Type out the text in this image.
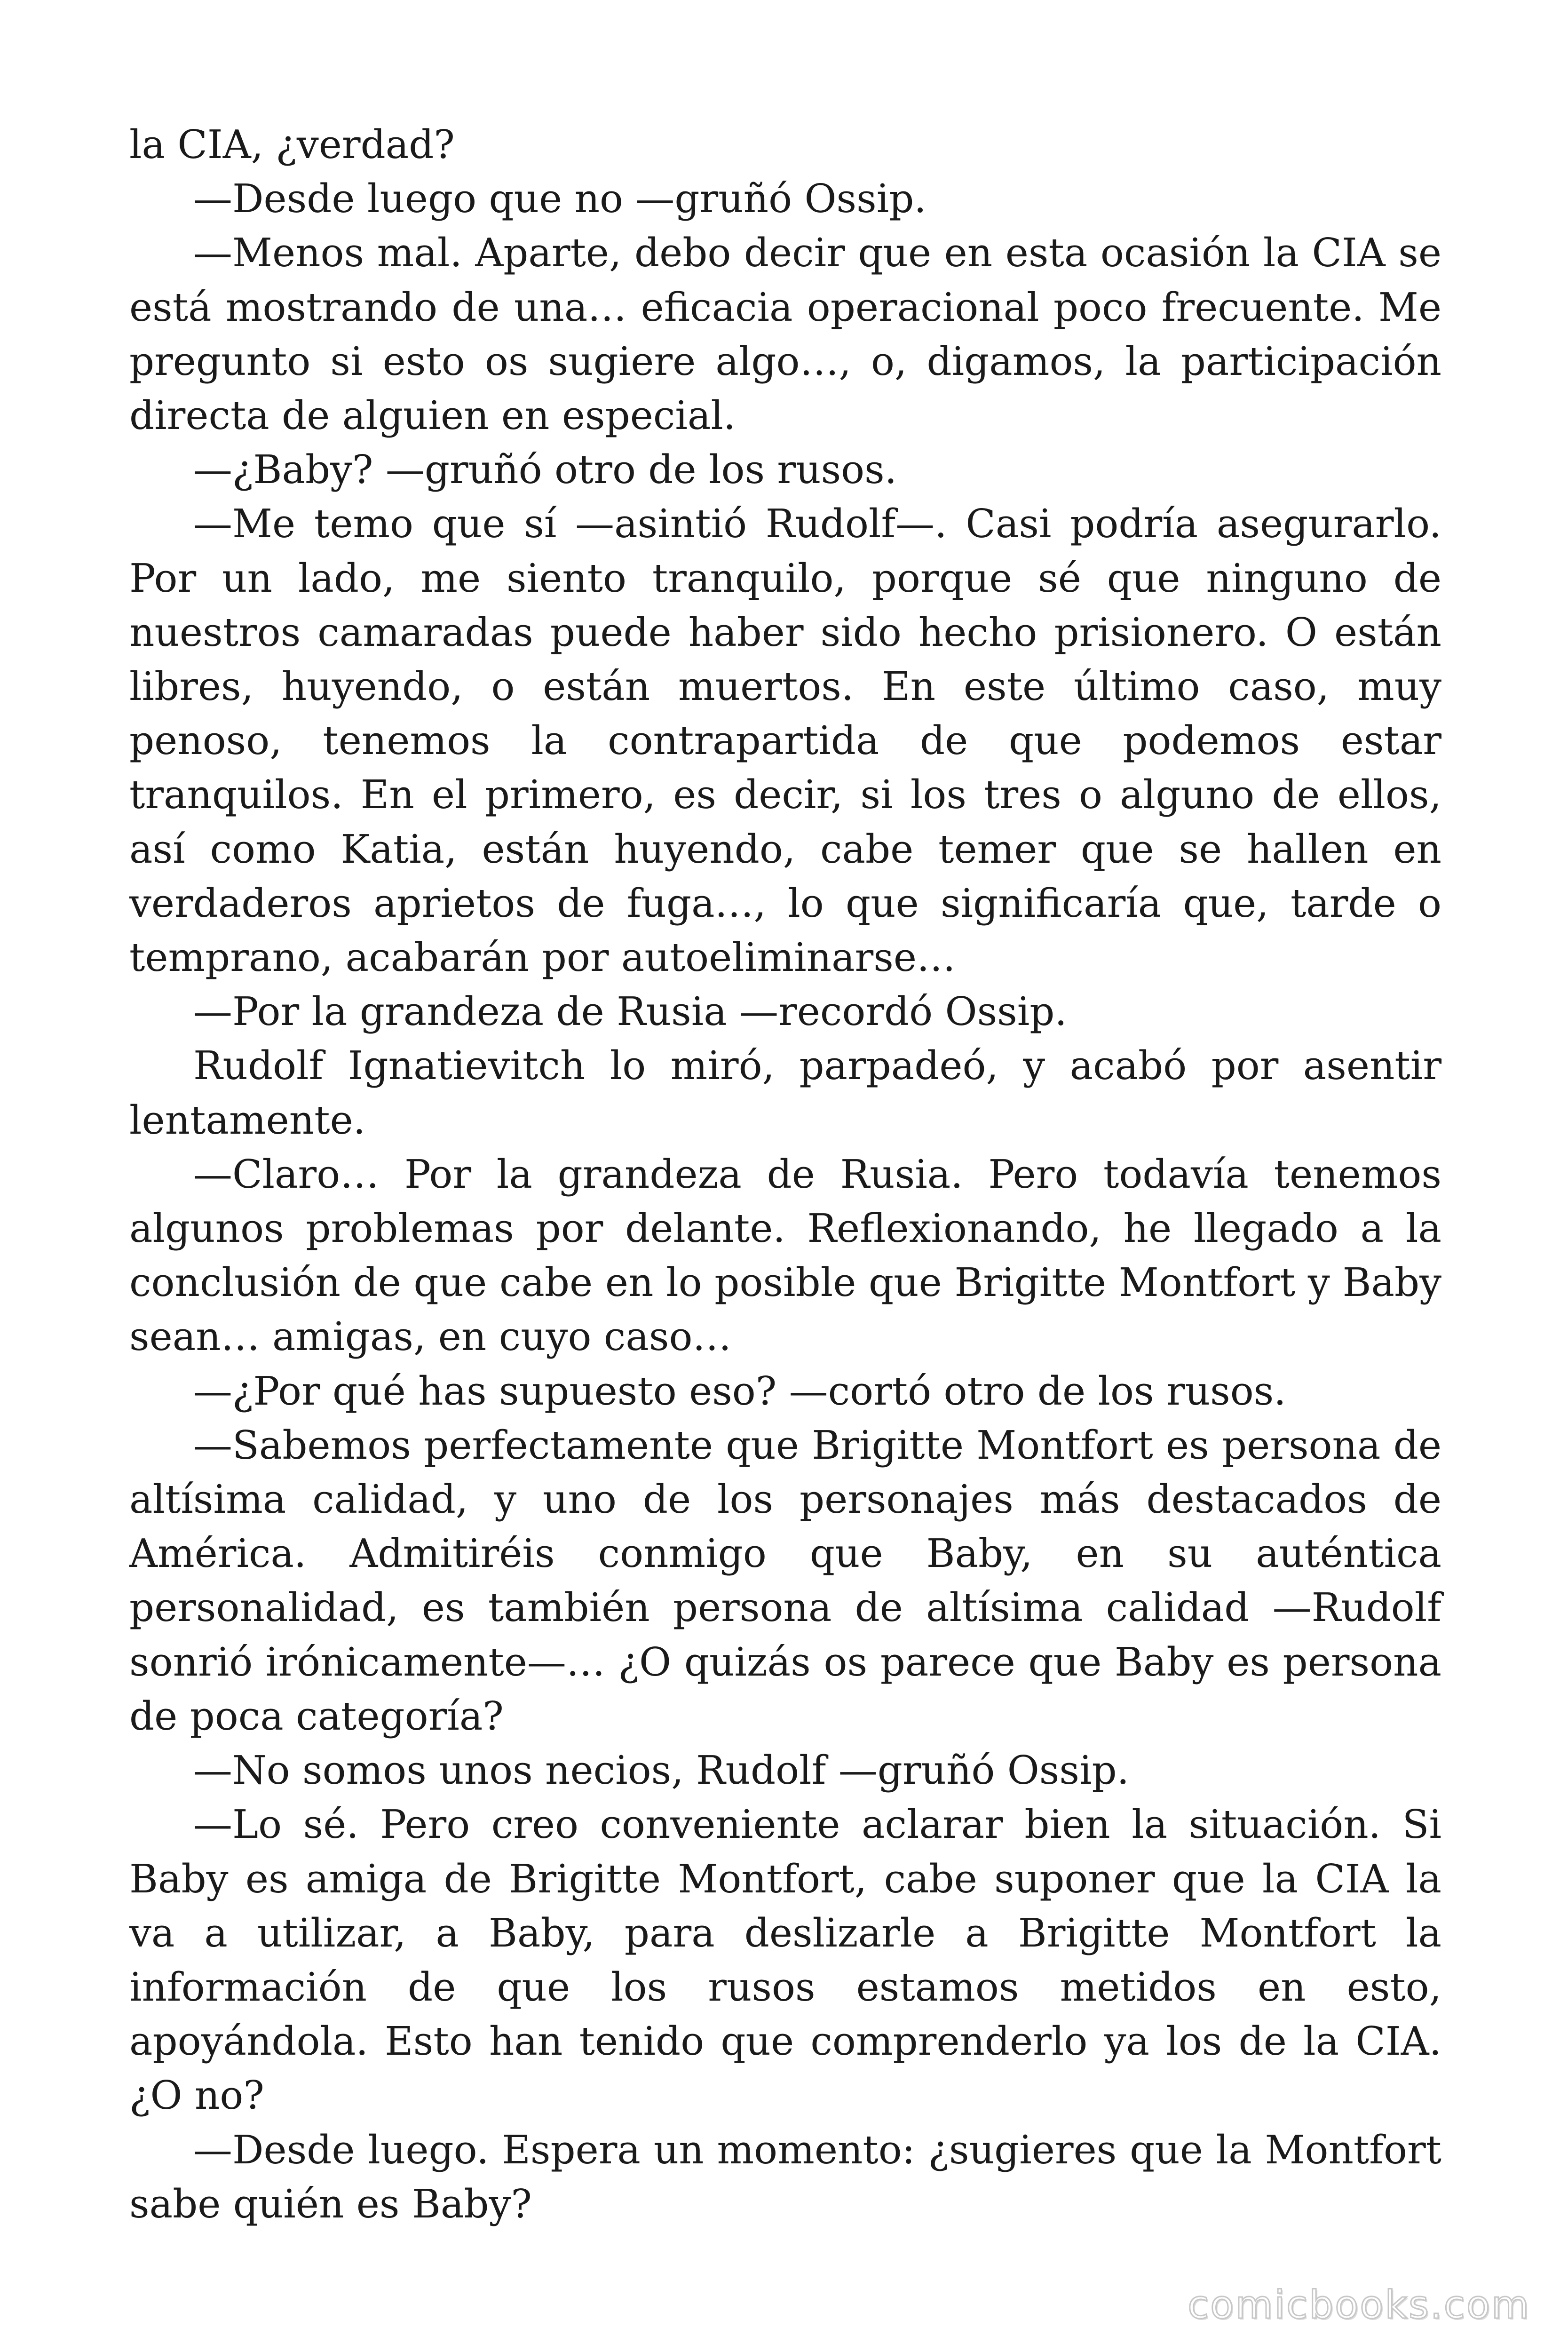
la CIA, ¿verdad?

—Desde luego que no —gruñó Ossip.

—Menos mal. Aparte, debo decir que en esta ocasión la CIA se está mostrando de una… eficacia operacional poco frecuente. Me pregunto si esto os sugiere algo…, o, digamos, la participación directa de alguien en especial.

—¿Baby? —gruñó otro de los rusos.

—Me temo que sí —asintió Rudolf—. Casi podría asegurarlo. Por un lado, me siento tranquilo, porque sé que ninguno de nuestros camaradas puede haber sido hecho prisionero. O están libres, huyendo, o están muertos. En este último caso, muy penoso, tenemos la contrapartida de que podemos estar tranquilos. En el primero, es decir, si los tres o alguno de ellos, así como Katia, están huyendo, cabe temer que se hallen en verdaderos aprietos de fuga…, lo que significaría que, tarde o temprano, acabarán por autoeliminarse…

—Por la grandeza de Rusia —recordó Ossip.

Rudolf Ignatievitch lo miró, parpadeó, y acabó por asentir lentamente.

—Claro… Por la grandeza de Rusia. Pero todavía tenemos algunos problemas por delante. Reflexionando, he llegado a la conclusión de que cabe en lo posible que Brigitte Montfort y Baby sean… amigas, en cuyo caso…

—¿Por qué has supuesto eso? —cortó otro de los rusos.

—Sabemos perfectamente que Brigitte Montfort es persona de altísima calidad, y uno de los personajes más destacados de América. Admitiréis conmigo que Baby, en su auténtica personalidad, es también persona de altísima calidad —Rudolf sonrió irónicamente—… ¿O quizás os parece que Baby es persona de poca categoría?

—No somos unos necios, Rudolf —gruñó Ossip.

—Lo sé. Pero creo conveniente aclarar bien la situación. Si Baby es amiga de Brigitte Montfort, cabe suponer que la CIA la va a utilizar, a Baby, para deslizarle a Brigitte Montfort la información de que los rusos estamos metidos en esto, apoyándola. Esto han tenido que comprenderlo ya los de la CIA. ¿O no?

—Desde luego. Espera un momento: ¿sugieres que la Montfort sabe quién es Baby?

comicbooks.com
